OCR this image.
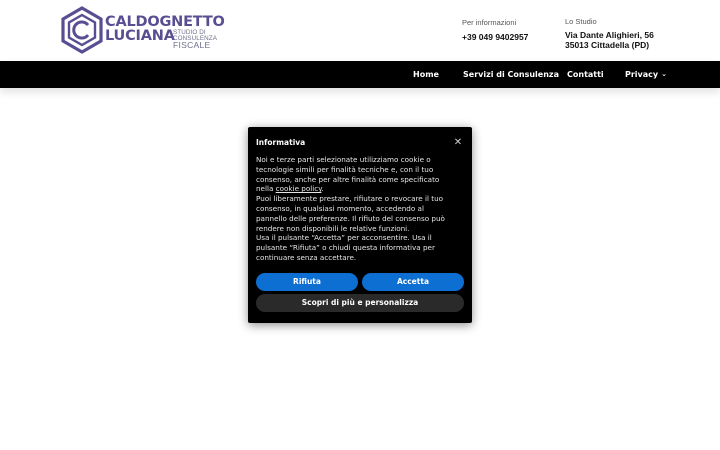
CALDOGNETTO
LUCIANA
STUDIO DI
CONSULENZA
FISCALE
Per informazioni
+39 049 9402957
Lo Studio
Via Dante Alighieri, 56
35013 Cittadella (PD)
Home	Servizi di Consulenza Contatti	Privacy ⌄
Informativa	✕

Noi e terze parti selezionate utilizziamo cookie o tecnologie simili per finalità tecniche e, con il tuo consenso, anche per altre finalità come specificato nella cookie policy.

Puoi liberamente prestare, rifiutare o revocare il tuo consenso, in qualsiasi momento, accedendo al pannello delle preferenze. Il rifiuto del consenso può rendere non disponibili le relative funzioni.

Usa il pulsante “Accetta” per acconsentire. Usa il pulsante “Rifiuta” o chiudi questa informativa per continuare senza accettare.

Rifiuta	Accetta
Scopri di più e personalizza
